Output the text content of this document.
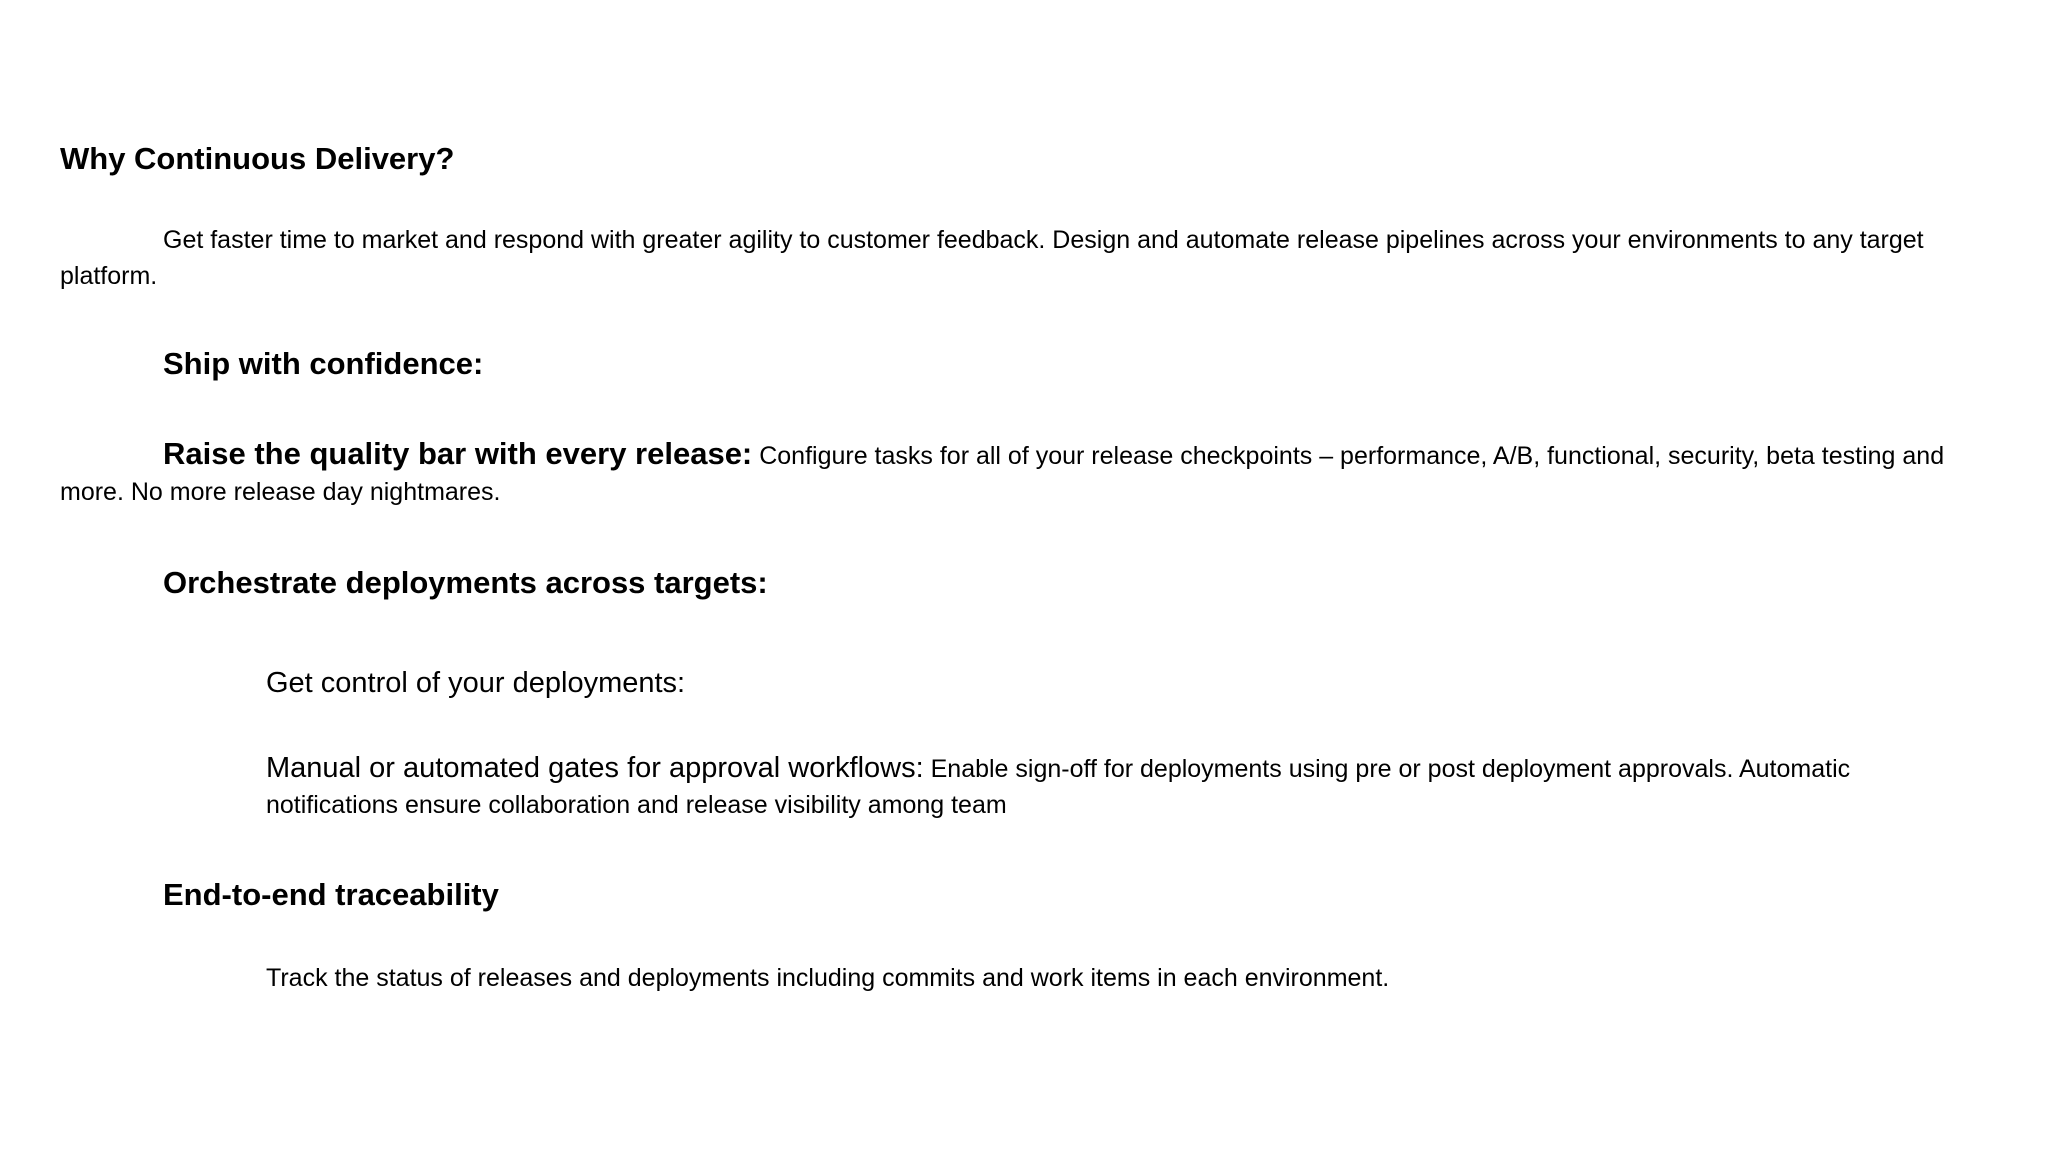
Why Continuous Delivery?

Get faster time to market and respond with greater agility to customer feedback. Design and automate release pipelines across your environments to any target platform.

Ship with confidence:

Raise the quality bar with every release: Configure tasks for all of your release checkpoints – performance, A/B, functional, security, beta testing and more. No more release day nightmares.

Orchestrate deployments across targets:

Get control of your deployments:

Manual or automated gates for approval workflows: Enable sign-off for deployments using pre or post deployment approvals. Automatic notifications ensure collaboration and release visibility among team

End-to-end traceability

Track the status of releases and deployments including commits and work items in each environment.
